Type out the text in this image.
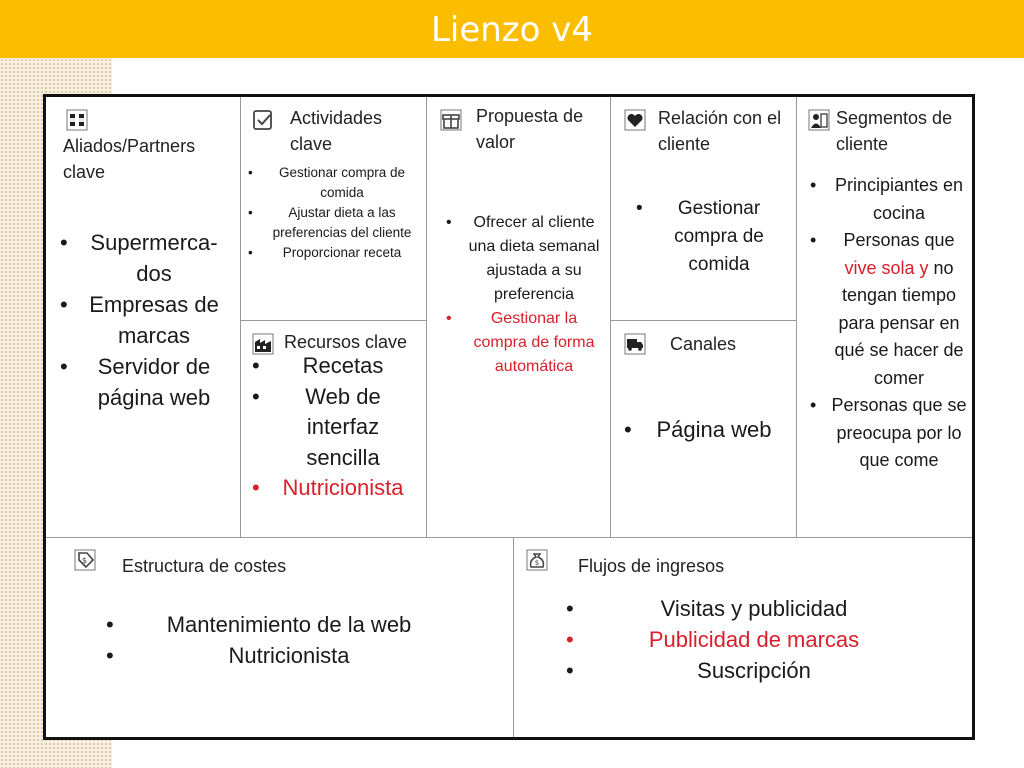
Lienzo v4
Aliados/Partners clave
• Supermerca-dos
• Empresas de marcas
• Servidor de página web
Actividades clave
• Gestionar compra de comida
• Ajustar dieta a las preferencias del cliente
• Proporcionar receta
Recursos clave
• Recetas
• Web de interfaz sencilla
• Nutricionista
Propuesta de valor
• Ofrecer al cliente una dieta semanal ajustada a su preferencia
• Gestionar la compra de forma automática
Relación con el cliente
• Gestionar compra de comida
Canales
• Página web
Segmentos de cliente
• Principiantes en cocina
• Personas que vive sola y no tengan tiempo para pensar en qué se hacer de comer
• Personas que se preocupa por lo que come
$ Estructura de costes
• Mantenimiento de la web
• Nutricionista
$ Flujos de ingresos
• Visitas y publicidad
• Publicidad de marcas
• Suscripción
